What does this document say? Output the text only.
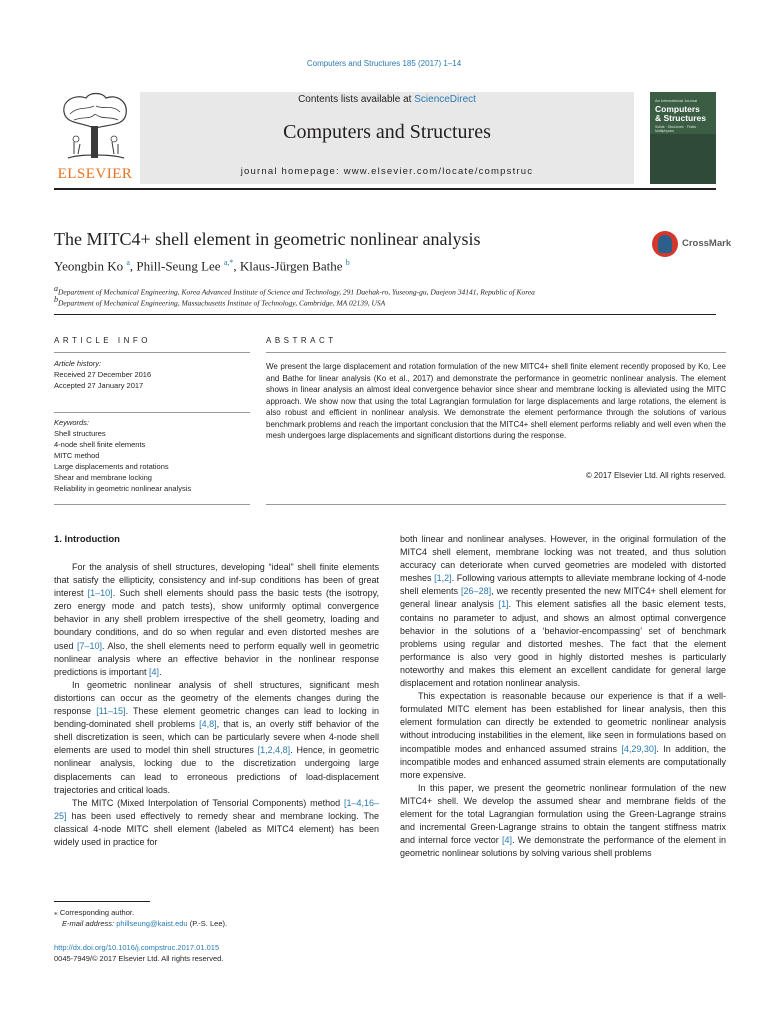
Computers and Structures 185 (2017) 1–14
ELSEVIER
Contents lists available at ScienceDirect
Computers and Structures
journal homepage: www.elsevier.com/locate/compstruc
An International Journal
Computers
& Structures
Solids · Structures · Fluids · Multiphysics
The MITC4+ shell element in geometric nonlinear analysis	CrossMark
Yeongbin Ko $^a$, Phill-Seung Lee $^{a,*}$, Klaus-Jürgen Bathe $^b$
$^a$Department of Mechanical Engineering, Korea Advanced Institute of Science and Technology, 291 Daehak-ro, Yuseong-gu, Daejeon 34141, Republic of Korea
$^b$Department of Mechanical Engineering, Massachusetts Institute of Technology, Cambridge, MA 02139, USA
ARTICLE INFO	ABSTRACT
Article history:
Received 27 December 2016
Accepted 27 January 2017
Keywords:
Shell structures
4-node shell finite elements
MITC method
Large displacements and rotations
Shear and membrane locking
Reliability in geometric nonlinear analysis
We present the large displacement and rotation formulation of the new MITC4+ shell finite element recently proposed by Ko, Lee and Bathe for linear analysis (Ko et al., 2017) and demonstrate the performance in geometric nonlinear analysis. The element shows in linear analysis an almost ideal convergence behavior since shear and membrane locking is alleviated using the MITC approach. We show now that using the total Lagrangian formulation for large displacements and large rotations, the element is also robust and efficient in nonlinear analysis. We demonstrate the element performance through the solutions of various benchmark problems and reach the important conclusion that the MITC4+ shell element performs reliably and well even when the mesh undergoes large displacements and significant distortions during the response.
© 2017 Elsevier Ltd. All rights reserved.
1. Introduction

For the analysis of shell structures, developing “ideal” shell finite elements that satisfy the ellipticity, consistency and inf-sup conditions has been of great interest [1–10]. Such shell elements should pass the basic tests (the isotropy, zero energy mode and patch tests), show uniformly optimal convergence behavior in any shell problem irrespective of the shell geometry, loading and boundary conditions, and do so when regular and even distorted meshes are used [7–10]. Also, the shell elements need to perform equally well in geometric nonlinear analysis where an effective behavior in the nonlinear response predictions is important [4].

In geometric nonlinear analysis of shell structures, significant mesh distortions can occur as the geometry of the elements changes during the response [11–15]. These element geometric changes can lead to locking in bending-dominated shell problems [4,8], that is, an overly stiff behavior of the shell discretization is seen, which can be particularly severe when 4-node shell elements are used to model thin shell structures [1,2,4,8]. Hence, in geometric nonlinear analysis, locking due to the discretization undergoing large displacements can lead to erroneous predictions of load-displacement trajectories and critical loads.

The MITC (Mixed Interpolation of Tensorial Components) method [1–4,16–25] has been used effectively to remedy shear and membrane locking. The classical 4-node MITC shell element (labeled as MITC4 element) has been widely used in practice for

both linear and nonlinear analyses. However, in the original formulation of the MITC4 shell element, membrane locking was not treated, and thus solution accuracy can deteriorate when curved geometries are modeled with distorted meshes [1,2]. Following various attempts to alleviate membrane locking of 4-node shell elements [26–28], we recently presented the new MITC4+ shell element for general linear analysis [1]. This element satisfies all the basic element tests, contains no parameter to adjust, and shows an almost optimal convergence behavior in the solutions of a ‘behavior-encompassing’ set of benchmark problems using regular and distorted meshes. The fact that the element performance is also very good in highly distorted meshes is particularly noteworthy and makes this element an excellent candidate for general large displacement and rotation nonlinear analysis.

This expectation is reasonable because our experience is that if a well-formulated MITC element has been established for linear analysis, then this element formulation can directly be extended to geometric nonlinear analysis without introducing instabilities in the element, like seen in formulations based on incompatible modes and enhanced assumed strains [4,29,30]. In addition, the incompatible modes and enhanced assumed strain elements are computationally more expensive.

In this paper, we present the geometric nonlinear formulation of the new MITC4+ shell. We develop the assumed shear and membrane fields of the element for the total Lagrangian formulation using the Green-Lagrange strains and incremental Green-Lagrange strains to obtain the tangent stiffness matrix and internal force vector [4]. We demonstrate the performance of the element in geometric nonlinear solutions by solving various shell problems

⁎ Corresponding author.
E-mail address: phillseung@kaist.edu (P.-S. Lee).
http://dx.doi.org/10.1016/j.compstruc.2017.01.015
0045-7949/© 2017 Elsevier Ltd. All rights reserved.
